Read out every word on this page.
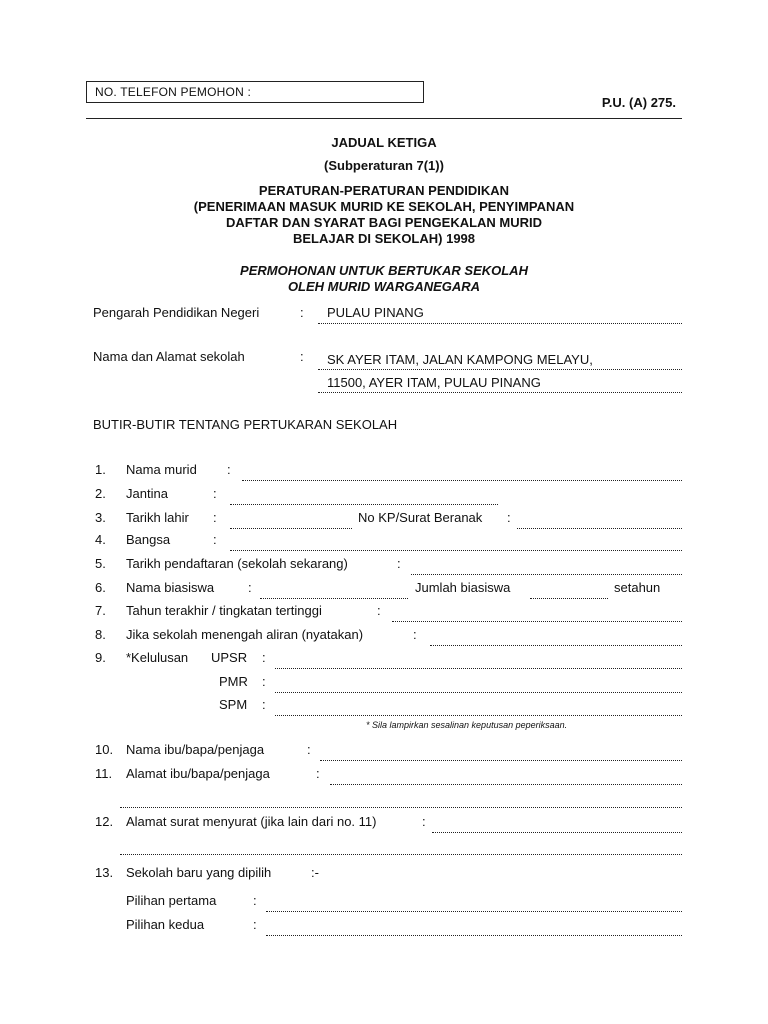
NO. TELEFON PEMOHON :
P.U. (A) 275.
JADUAL KETIGA
(Subperaturan 7(1))
PERATURAN-PERATURAN PENDIDIKAN
(PENERIMAAN MASUK MURID KE SEKOLAH, PENYIMPANAN
DAFTAR DAN SYARAT BAGI PENGEKALAN MURID
BELAJAR DI SEKOLAH) 1998
PERMOHONAN UNTUK BERTUKAR SEKOLAH
OLEH MURID WARGANEGARA
Pengarah Pendidikan Negeri	: PULAU PINANG
Nama dan Alamat sekolah	: SK AYER ITAM, JALAN KAMPONG MELAYU,
11500, AYER ITAM, PULAU PINANG
BUTIR-BUTIR TENTANG PERTUKARAN SEKOLAH
1. Nama murid :
2. Jantina	:
3. Tarikh lahir :	No KP/Surat Beranak :
4. Bangsa	:
5. Tarikh pendaftaran (sekolah sekarang)	:
6. Nama biasiswa	:	Jumlah biasiswa	setahun
7. Tahun terakhir / tingkatan tertinggi	:
8. Jika sekolah menengah aliran (nyatakan)	:
9. *Kelulusan UPSR :
PMR :
SPM :
* Sila lampirkan sesalinan keputusan peperiksaan.
10. Nama ibu/bapa/penjaga	:
11. Alamat ibu/bapa/penjaga	:
12. Alamat surat menyurat (jika lain dari no. 11)	:
13. Sekolah baru yang dipilih	:-
Pilihan pertama	:
Pilihan kedua	:
